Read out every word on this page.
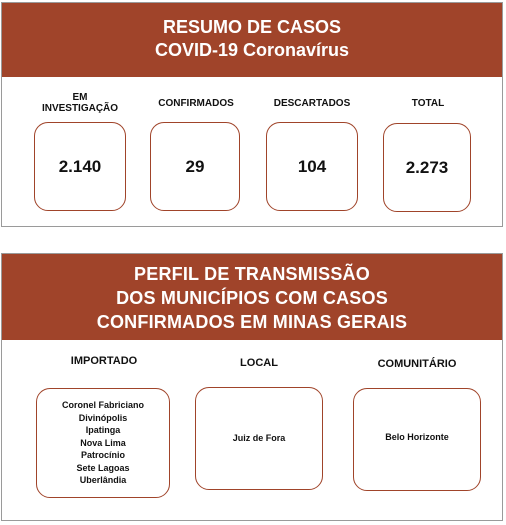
RESUMO DE CASOS
COVID-19 Coronavírus
EM
INVESTIGAÇÃO
2.140
CONFIRMADOS
29
DESCARTADOS
104
TOTAL
2.273
PERFIL DE TRANSMISSÃO
DOS MUNICÍPIOS COM CASOS
CONFIRMADOS EM MINAS GERAIS
IMPORTADO
Coronel Fabriciano
Divinópolis
Ipatinga
Nova Lima
Patrocínio
Sete Lagoas
Uberlândia
LOCAL
Juiz de Fora
COMUNITÁRIO
Belo Horizonte
